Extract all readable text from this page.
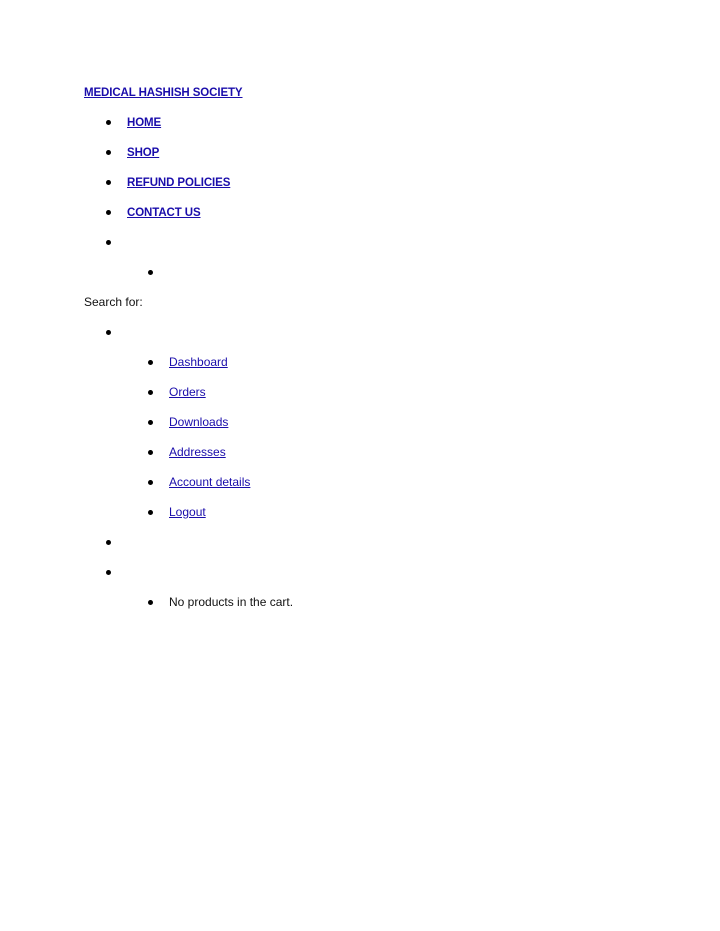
MEDICAL HASHISH SOCIETY
HOME
SHOP
REFUND POLICIES
CONTACT US
Search for:
Dashboard
Orders
Downloads
Addresses
Account details
Logout
No products in the cart.
